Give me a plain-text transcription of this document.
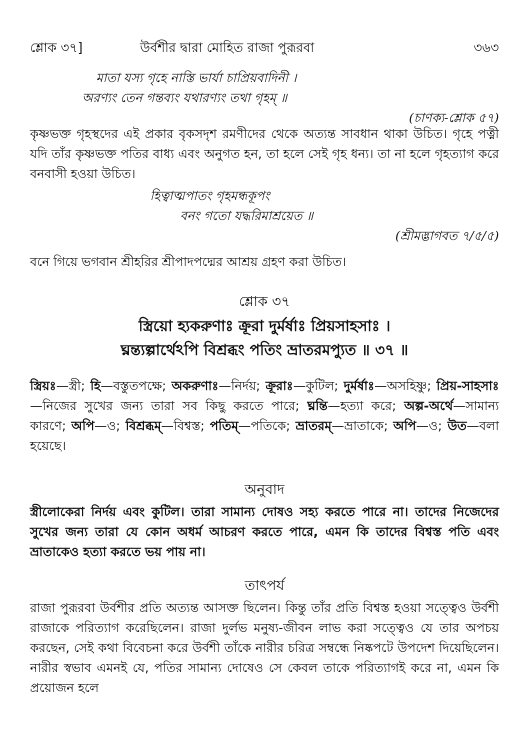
শ্লোক ৩৭]	উর্বশীর দ্বারা মোহিত রাজা পুরূরবা	৩৬৩
মাতা যস্য গৃহে নাস্তি ভার্যা চাপ্রিয়বাদিনী ।
অরণ্যং তেন গন্তব্যং যথারণ্যং তথা গৃহম্‌ ॥
(চাণক্য-শ্লোক ৫৭)
কৃষ্ণভক্ত গৃহস্থদের এই প্রকার বৃকসদৃশ রমণীদের থেকে অত্যন্ত সাবধান থাকা উচিত। গৃহে পত্নী যদি তাঁর কৃষ্ণভক্ত পতির বাধ্য এবং অনুগত হন, তা হলে সেই গৃহ ধন্য। তা না হলে গৃহত্যাগ করে বনবাসী হওয়া উচিত।
হিত্বাত্মপাতং গৃহমন্ধকূপং
বনং গতো যদ্ধরিমাশ্রয়েত ॥
(শ্রীমদ্ভাগবত ৭/৫/৫)
বনে গিয়ে ভগবান শ্রীহরির শ্রীপাদপদ্মের আশ্রয় গ্রহণ করা উচিত।
শ্লোক ৩৭
স্ত্রিয়ো হ্যকরুণাঃ ক্রূরা দুর্মর্ষাঃ প্রিয়সাহসাঃ ।
ঘ্নন্ত্যল্পার্থেঽপি বিশ্রব্ধং পতিং ভ্রাতরমপ্যুত ॥ ৩৭ ॥
স্ত্রিয়ঃ—স্ত্রী; হি—বস্তুতপক্ষে; অকরুণাঃ—নির্দয়; ক্রূরাঃ—কুটিল; দুর্মর্ষাঃ—অসহিষ্ণু; প্রিয়-সাহসাঃ—নিজের সুখের জন্য তারা সব কিছু করতে পারে; ঘ্নন্তি—হত্যা করে; অল্প-অর্থে—সামান্য কারণে; অপি—ও; বিশ্রব্ধম্‌—বিশ্বস্ত; পতিম্‌—পতিকে; ভ্রাতরম্‌—ভ্রাতাকে; অপি—ও; উত—বলা হয়েছে।
অনুবাদ
স্ত্রীলোকেরা নির্দয় এবং কুটিল। তারা সামান্য দোষও সহ্য করতে পারে না। তাদের নিজেদের সুখের জন্য তারা যে কোন অধর্ম আচরণ করতে পারে, এমন কি তাদের বিশ্বস্ত পতি এবং ভ্রাতাকেও হত্যা করতে ভয় পায় না।
তাৎপর্য
রাজা পুরূরবা উর্বশীর প্রতি অত্যন্ত আসক্ত ছিলেন। কিন্তু তাঁর প্রতি বিশ্বস্ত হওয়া সত্ত্বেও উর্বশী রাজাকে পরিত্যাগ করেছিলেন। রাজা দুর্লভ মনুষ্য-জীবন লাভ করা সত্ত্বেও যে তার অপচয় করছেন, সেই কথা বিবেচনা করে উর্বশী তাঁকে নারীর চরিত্র সম্বন্ধে নিষ্কপটে উপদেশ দিয়েছিলেন। নারীর স্বভাব এমনই যে, পতির সামান্য দোষেও সে কেবল তাকে পরিত্যাগই করে না, এমন কি প্রয়োজন হলে
